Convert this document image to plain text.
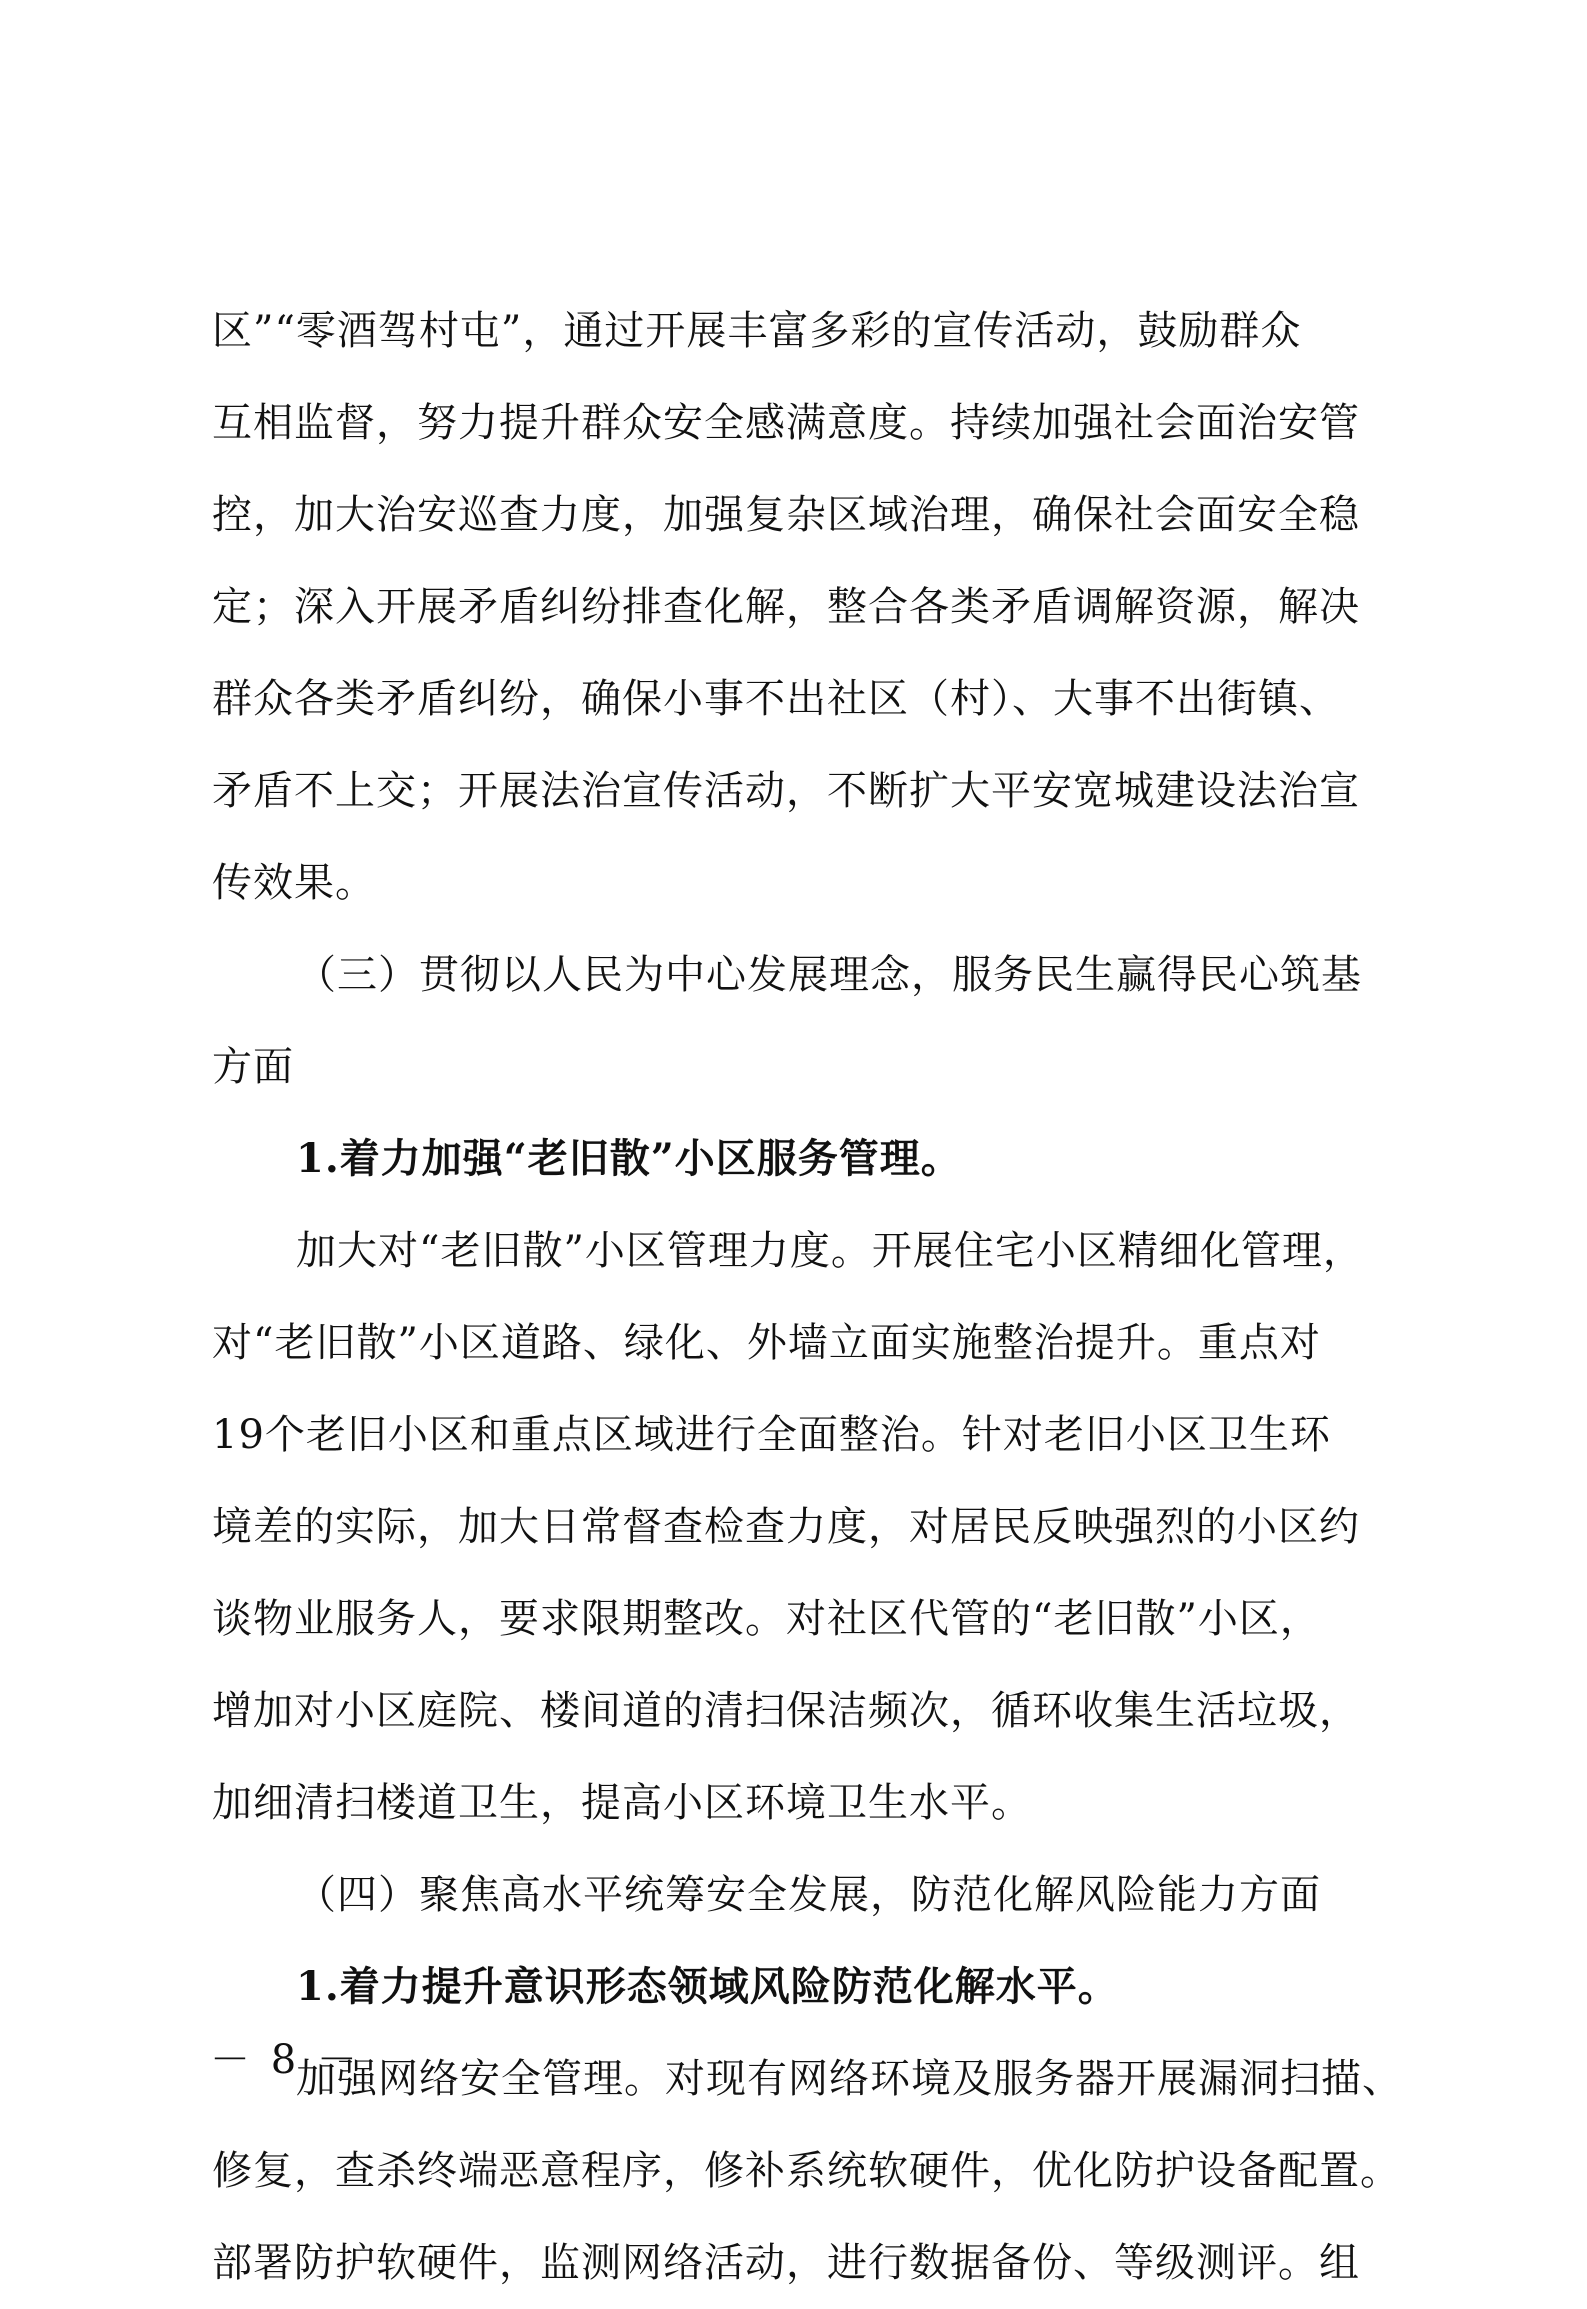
区”“零酒驾村屯”，通过开展丰富多彩的宣传活动，鼓励群众
互相监督，努力提升群众安全感满意度。持续加强社会面治安管
控，加大治安巡查力度，加强复杂区域治理，确保社会面安全稳
定；深入开展矛盾纠纷排查化解，整合各类矛盾调解资源，解决
群众各类矛盾纠纷，确保小事不出社区（村）、大事不出街镇、
矛盾不上交；开展法治宣传活动，不断扩大平安宽城建设法治宣
传效果。
（三）贯彻以人民为中心发展理念，服务民生赢得民心筑基
方面
1.着力加强“老旧散”小区服务管理。
加大对“老旧散”小区管理力度。开展住宅小区精细化管理，
对“老旧散”小区道路、绿化、外墙立面实施整治提升。重点对
19个老旧小区和重点区域进行全面整治。针对老旧小区卫生环
境差的实际，加大日常督查检查力度，对居民反映强烈的小区约
谈物业服务人，要求限期整改。对社区代管的“老旧散”小区，
增加对小区庭院、楼间道的清扫保洁频次，循环收集生活垃圾，
加细清扫楼道卫生，提高小区环境卫生水平。
（四）聚焦高水平统筹安全发展，防范化解风险能力方面
1.着力提升意识形态领域风险防范化解水平。
加强网络安全管理。对现有网络环境及服务器开展漏洞扫描、
修复，查杀终端恶意程序，修补系统软硬件，优化防护设备配置。
部署防护软硬件，监测网络活动，进行数据备份、等级测评。组
－ 8 －
